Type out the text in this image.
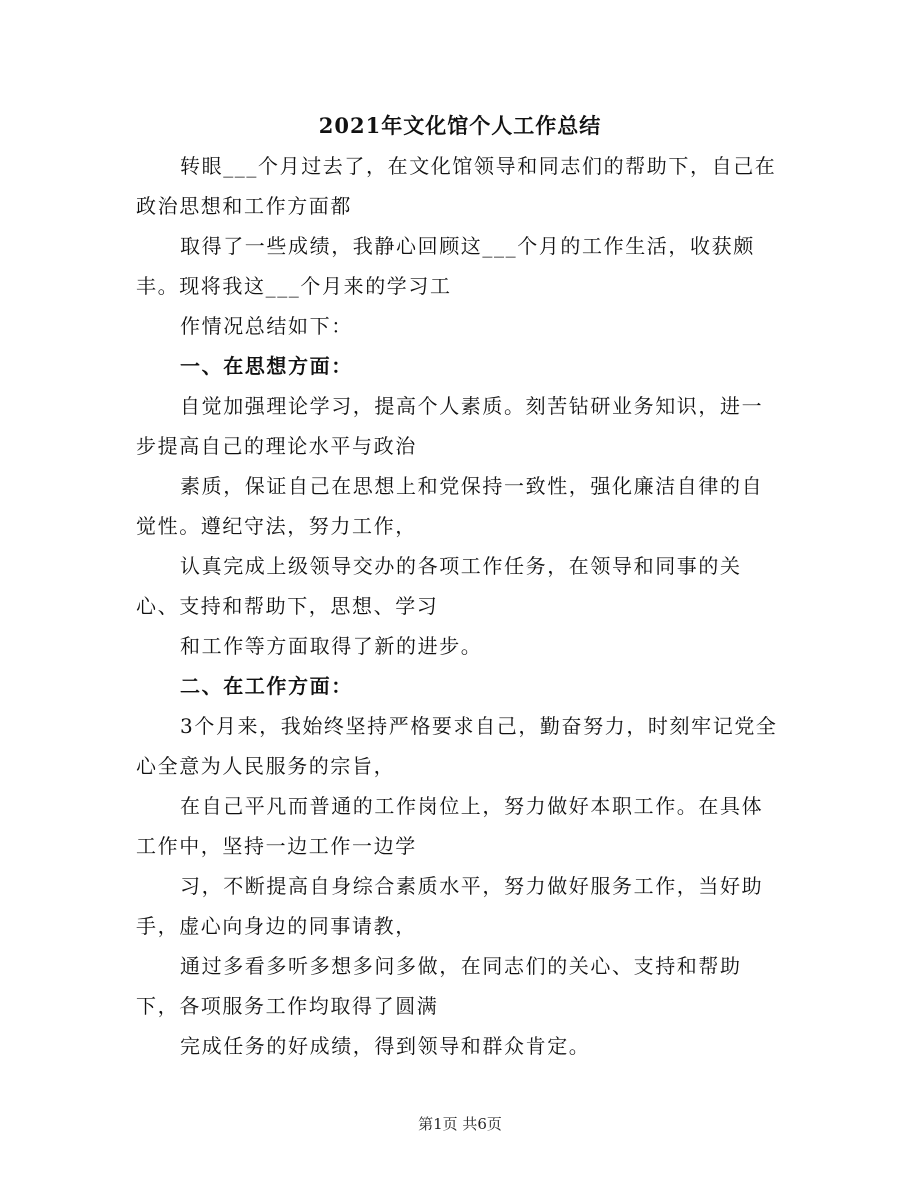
2021年文化馆个人工作总结

转眼___个月过去了，在文化馆领导和同志们的帮助下，自己在政治思想和工作方面都

取得了一些成绩，我静心回顾这___个月的工作生活，收获颇丰。现将我这___个月来的学习工

作情况总结如下：

一、在思想方面：

自觉加强理论学习，提高个人素质。刻苦钻研业务知识，进一步提高自己的理论水平与政治

素质，保证自己在思想上和党保持一致性，强化廉洁自律的自觉性。遵纪守法，努力工作，

认真完成上级领导交办的各项工作任务，在领导和同事的关心、支持和帮助下，思想、学习

和工作等方面取得了新的进步。

二、在工作方面：

3个月来，我始终坚持严格要求自己，勤奋努力，时刻牢记党全心全意为人民服务的宗旨，

在自己平凡而普通的工作岗位上，努力做好本职工作。在具体工作中，坚持一边工作一边学

习，不断提高自身综合素质水平，努力做好服务工作，当好助手，虚心向身边的同事请教，

通过多看多听多想多问多做，在同志们的关心、支持和帮助下，各项服务工作均取得了圆满

完成任务的好成绩，得到领导和群众肯定。

第1页 共6页
